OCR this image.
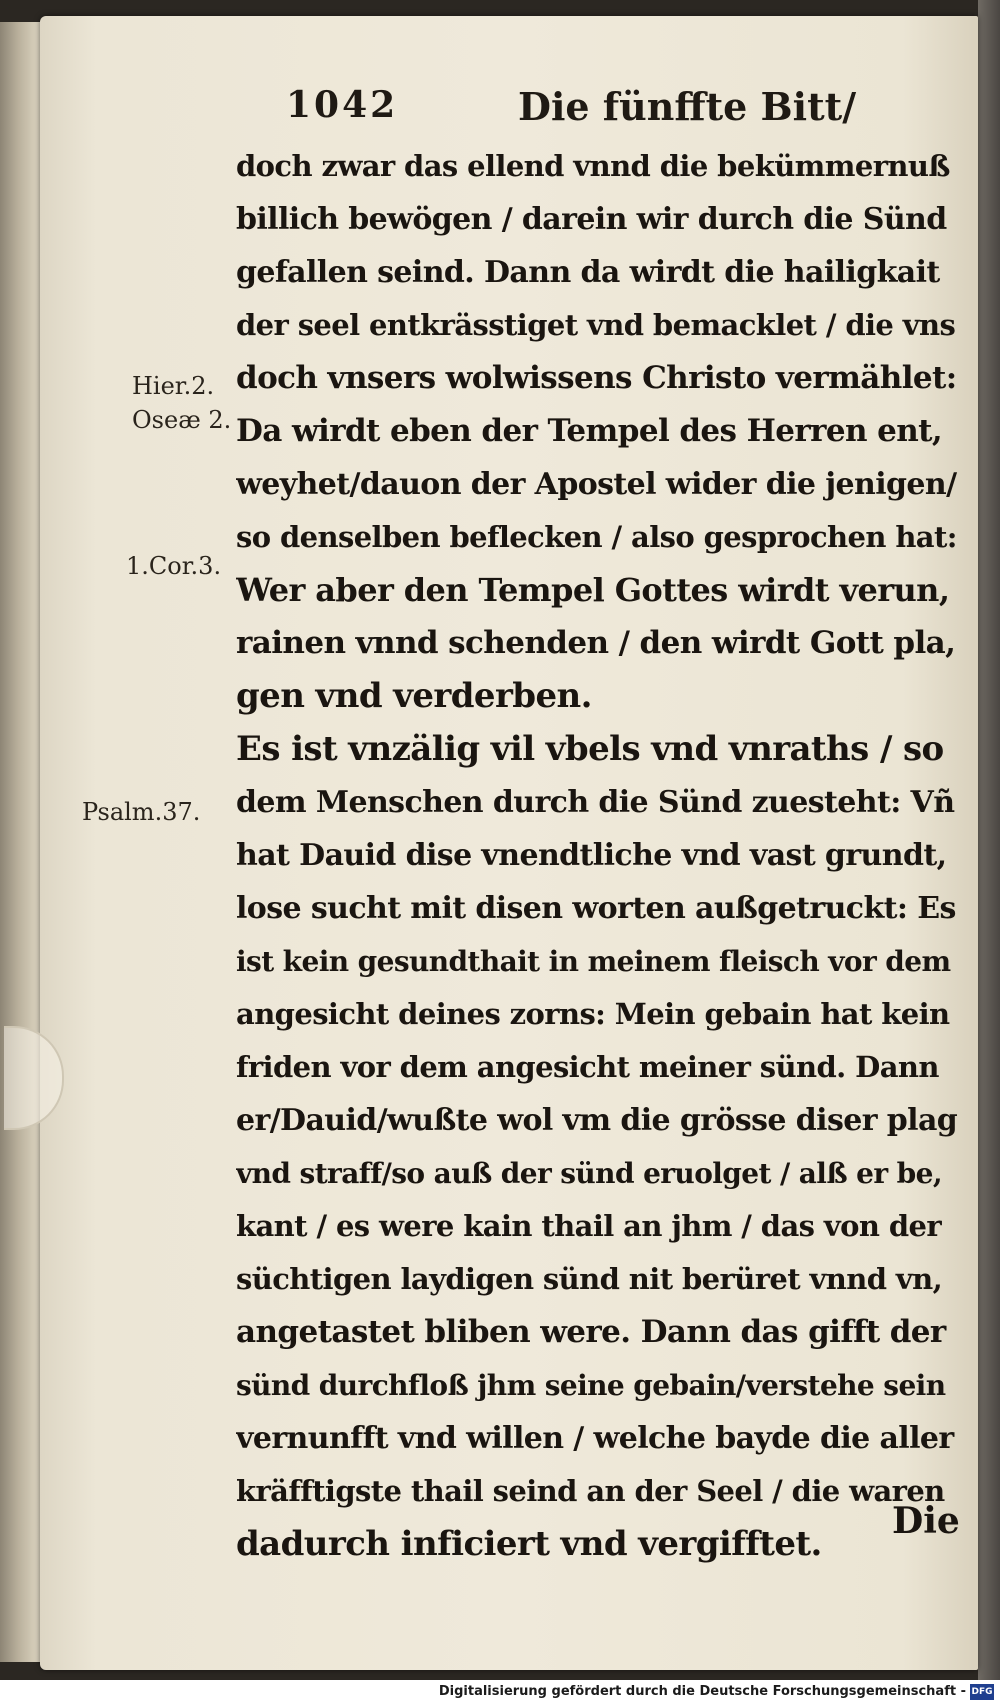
1042	Die fünffte Bitt/
doch zwar das ellend vnnd die bekümmernuß
billich bewögen / darein wir durch die Sünd
gefallen seind. Dann da wirdt die hailigkait
der seel entkrässtiget vnd bemacklet / die vns
doch vnsers wolwissens Christo vermählet:
Da wirdt eben der Tempel des Herren ent,
weyhet/dauon der Apostel wider die jenigen/
so denselben beflecken / also gesprochen hat:
Wer aber den Tempel Gottes wirdt verun,
rainen vnnd schenden / den wirdt Gott pla,
gen vnd verderben.
Es ist vnzälig vil vbels vnd vnraths / so
dem Menschen durch die Sünd zuesteht: Vñ
hat Dauid dise vnendtliche vnd vast grundt,
lose sucht mit disen worten außgetruckt: Es
ist kein gesundthait in meinem fleisch vor dem
angesicht deines zorns: Mein gebain hat kein
friden vor dem angesicht meiner sünd. Dann
er/Dauid/wußte wol vm die grösse diser plag
vnd straff/so auß der sünd eruolget / alß er be,
kant / es were kain thail an jhm / das von der
süchtigen laydigen sünd nit berüret vnnd vn,
angetastet bliben were. Dann das gifft der
sünd durchfloß jhm seine gebain/verstehe sein
vernunfft vnd willen / welche bayde die aller
kräfftigste thail seind an der Seel / die waren
dadurch inficiert vnd vergifftet.
Hier.2.
Oseæ 2.
1.Cor.3.
Psalm.37.
Die
Digitalisierung gefördert durch die Deutsche Forschungsgemeinschaft - DFG
